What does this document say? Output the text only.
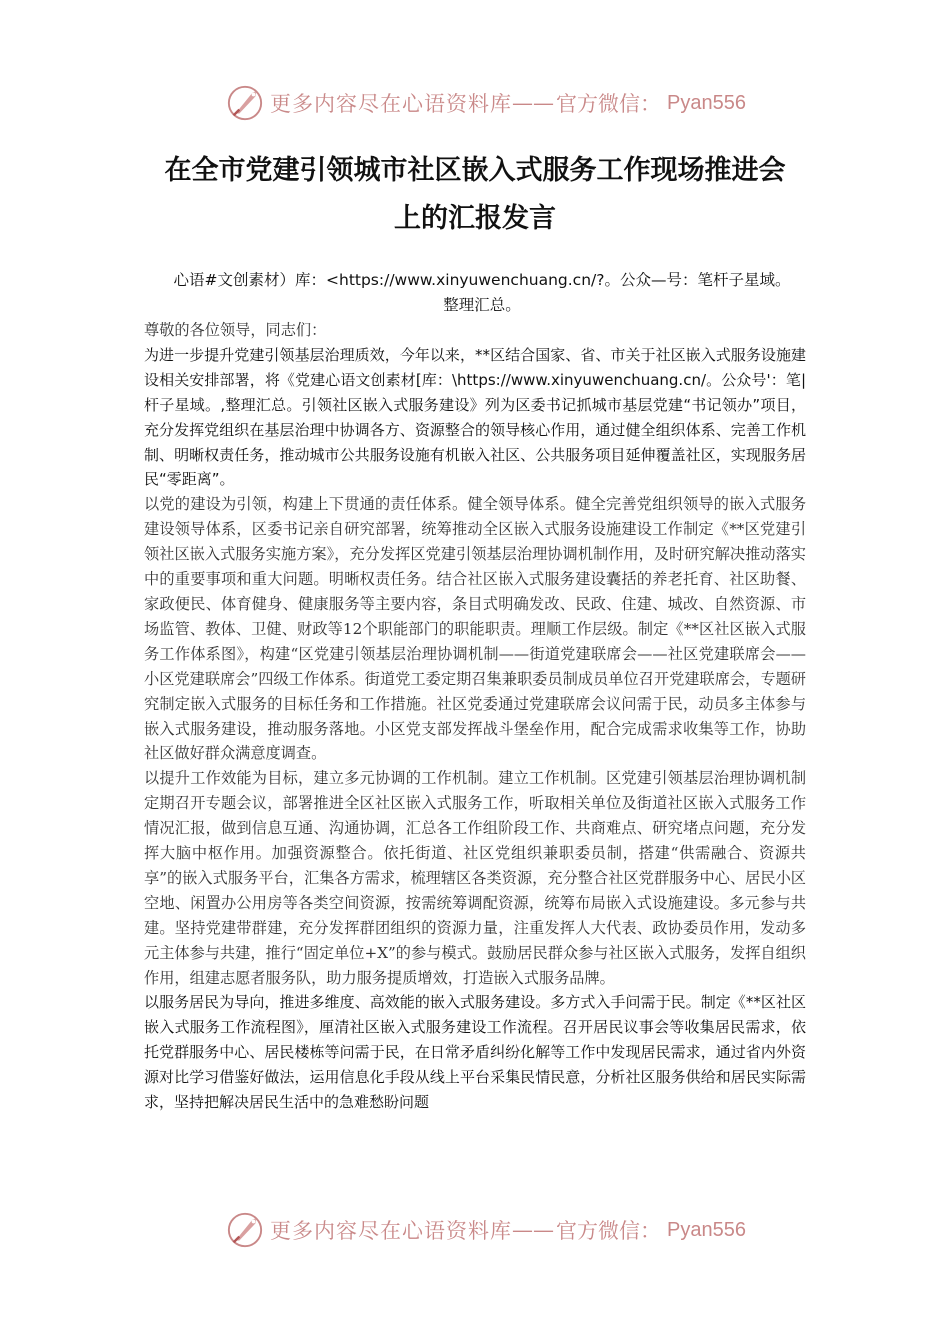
更多内容尽在心语资料库 —— 官方微信： Pyan556
在全市党建引领城市社区嵌入式服务工作现场推进会
上的汇报发言
心语#文创素材）库：<https://www.xinyuwenchuang.cn/?。公众—号：笔杆子星域。
整理汇总。

尊敬的各位领导，同志们：

为进一步提升党建引领基层治理质效，今年以来，**区结合国家、省、市关于社区嵌入式服务设施建设相关安排部署，将《党建心语文创素材[库：\https://www.xinyuwenchuang.cn/。公众号'：笔|杆子星域。,整理汇总。引领社区嵌入式服务建设》列为区委书记抓城市基层党建“书记领办”项目，充分发挥党组织在基层治理中协调各方、资源整合的领导核心作用，通过健全组织体系、完善工作机制、明晰权责任务，推动城市公共服务设施有机嵌入社区、公共服务项目延伸覆盖社区，实现服务居民“零距离”。

以党的建设为引领，构建上下贯通的责任体系。健全领导体系。健全完善党组织领导的嵌入式服务建设领导体系，区委书记亲自研究部署，统筹推动全区嵌入式服务设施建设工作制定《**区党建引领社区嵌入式服务实施方案》，充分发挥区党建引领基层治理协调机制作用，及时研究解决推动落实中的重要事项和重大问题。明晰权责任务。结合社区嵌入式服务建设囊括的养老托育、社区助餐、家政便民、体育健身、健康服务等主要内容，条目式明确发改、民政、住建、城改、自然资源、市场监管、教体、卫健、财政等12个职能部门的职能职责。理顺工作层级。制定《**区社区嵌入式服务工作体系图》，构建“区党建引领基层治理协调机制——街道党建联席会——社区党建联席会——小区党建联席会”四级工作体系。街道党工委定期召集兼职委员制成员单位召开党建联席会，专题研究制定嵌入式服务的目标任务和工作措施。社区党委通过党建联席会议问需于民，动员多主体参与嵌入式服务建设，推动服务落地。小区党支部发挥战斗堡垒作用，配合完成需求收集等工作，协助社区做好群众满意度调查。

以提升工作效能为目标，建立多元协调的工作机制。建立工作机制。区党建引领基层治理协调机制定期召开专题会议，部署推进全区社区嵌入式服务工作，听取相关单位及街道社区嵌入式服务工作情况汇报，做到信息互通、沟通协调，汇总各工作组阶段工作、共商难点、研究堵点问题，充分发挥大脑中枢作用。加强资源整合。依托街道、社区党组织兼职委员制，搭建“供需融合、资源共享”的嵌入式服务平台，汇集各方需求，梳理辖区各类资源，充分整合社区党群服务中心、居民小区空地、闲置办公用房等各类空间资源，按需统筹调配资源，统筹布局嵌入式设施建设。多元参与共建。坚持党建带群建，充分发挥群团组织的资源力量，注重发挥人大代表、政协委员作用，发动多元主体参与共建，推行“固定单位+X”的参与模式。鼓励居民群众参与社区嵌入式服务，发挥自组织作用，组建志愿者服务队，助力服务提质增效，打造嵌入式服务品牌。

以服务居民为导向，推进多维度、高效能的嵌入式服务建设。多方式入手问需于民。制定《**区社区嵌入式服务工作流程图》，厘清社区嵌入式服务建设工作流程。召开居民议事会等收集居民需求，依托党群服务中心、居民楼栋等问需于民，在日常矛盾纠纷化解等工作中发现居民需求，通过省内外资源对比学习借鉴好做法，运用信息化手段从线上平台采集民情民意，分析社区服务供给和居民实际需求，坚持把解决居民生活中的急难愁盼问题

更多内容尽在心语资料库 —— 官方微信： Pyan556
